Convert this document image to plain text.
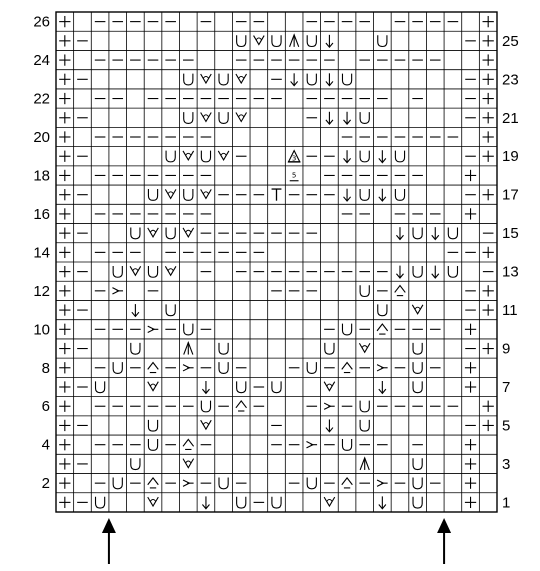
3
5
26
24
22
20
18
16
14
12
10
8
6
4
2
25
23
21
19
17
15
13
11
9
7
5
3
1
